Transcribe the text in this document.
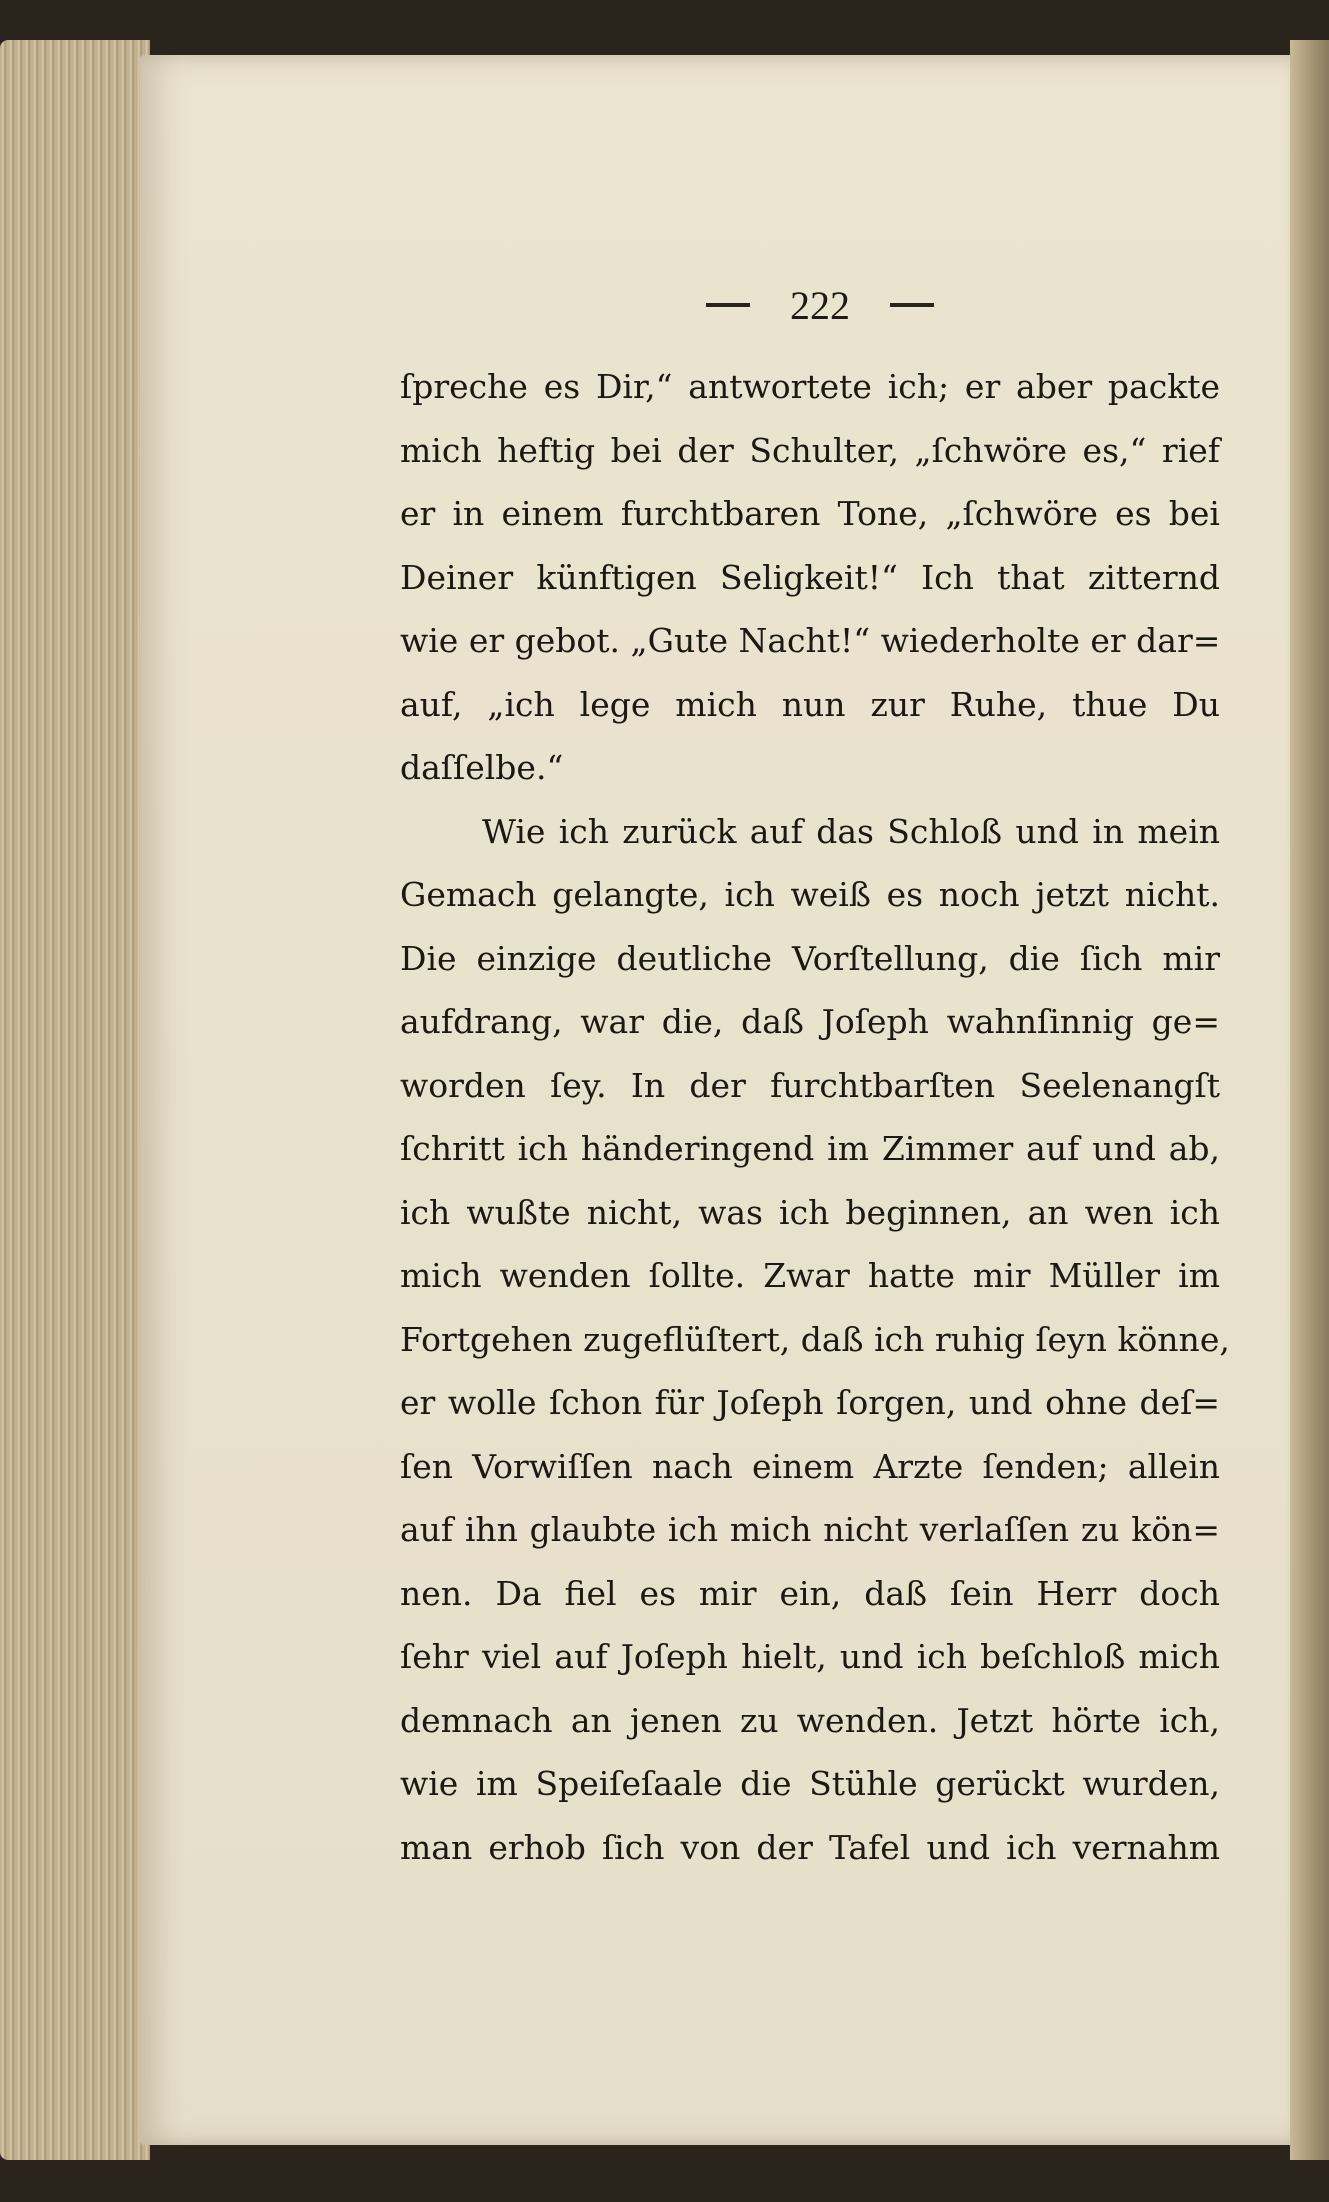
222
ſpreche es Dir,“ antwortete ich; er aber packte
mich heftig bei der Schulter, „ſchwöre es,“ rief
er in einem furchtbaren Tone, „ſchwöre es bei
Deiner künftigen Seligkeit!“ Ich that zitternd
wie er gebot. „Gute Nacht!“ wiederholte er dar=
auf, „ich lege mich nun zur Ruhe, thue Du
daſſelbe.“
Wie ich zurück auf das Schloß und in mein
Gemach gelangte, ich weiß es noch jetzt nicht.
Die einzige deutliche Vorſtellung, die ſich mir
aufdrang, war die, daß Joſeph wahnſinnig ge=
worden ſey. In der furchtbarſten Seelenangſt
ſchritt ich händeringend im Zimmer auf und ab,
ich wußte nicht, was ich beginnen, an wen ich
mich wenden ſollte. Zwar hatte mir Müller im
Fortgehen zugeflüſtert, daß ich ruhig ſeyn könne,
er wolle ſchon für Joſeph ſorgen, und ohne deſ=
ſen Vorwiſſen nach einem Arzte ſenden; allein
auf ihn glaubte ich mich nicht verlaſſen zu kön=
nen. Da fiel es mir ein, daß ſein Herr doch
ſehr viel auf Joſeph hielt, und ich beſchloß mich
demnach an jenen zu wenden. Jetzt hörte ich,
wie im Speiſeſaale die Stühle gerückt wurden,
man erhob ſich von der Tafel und ich vernahm
